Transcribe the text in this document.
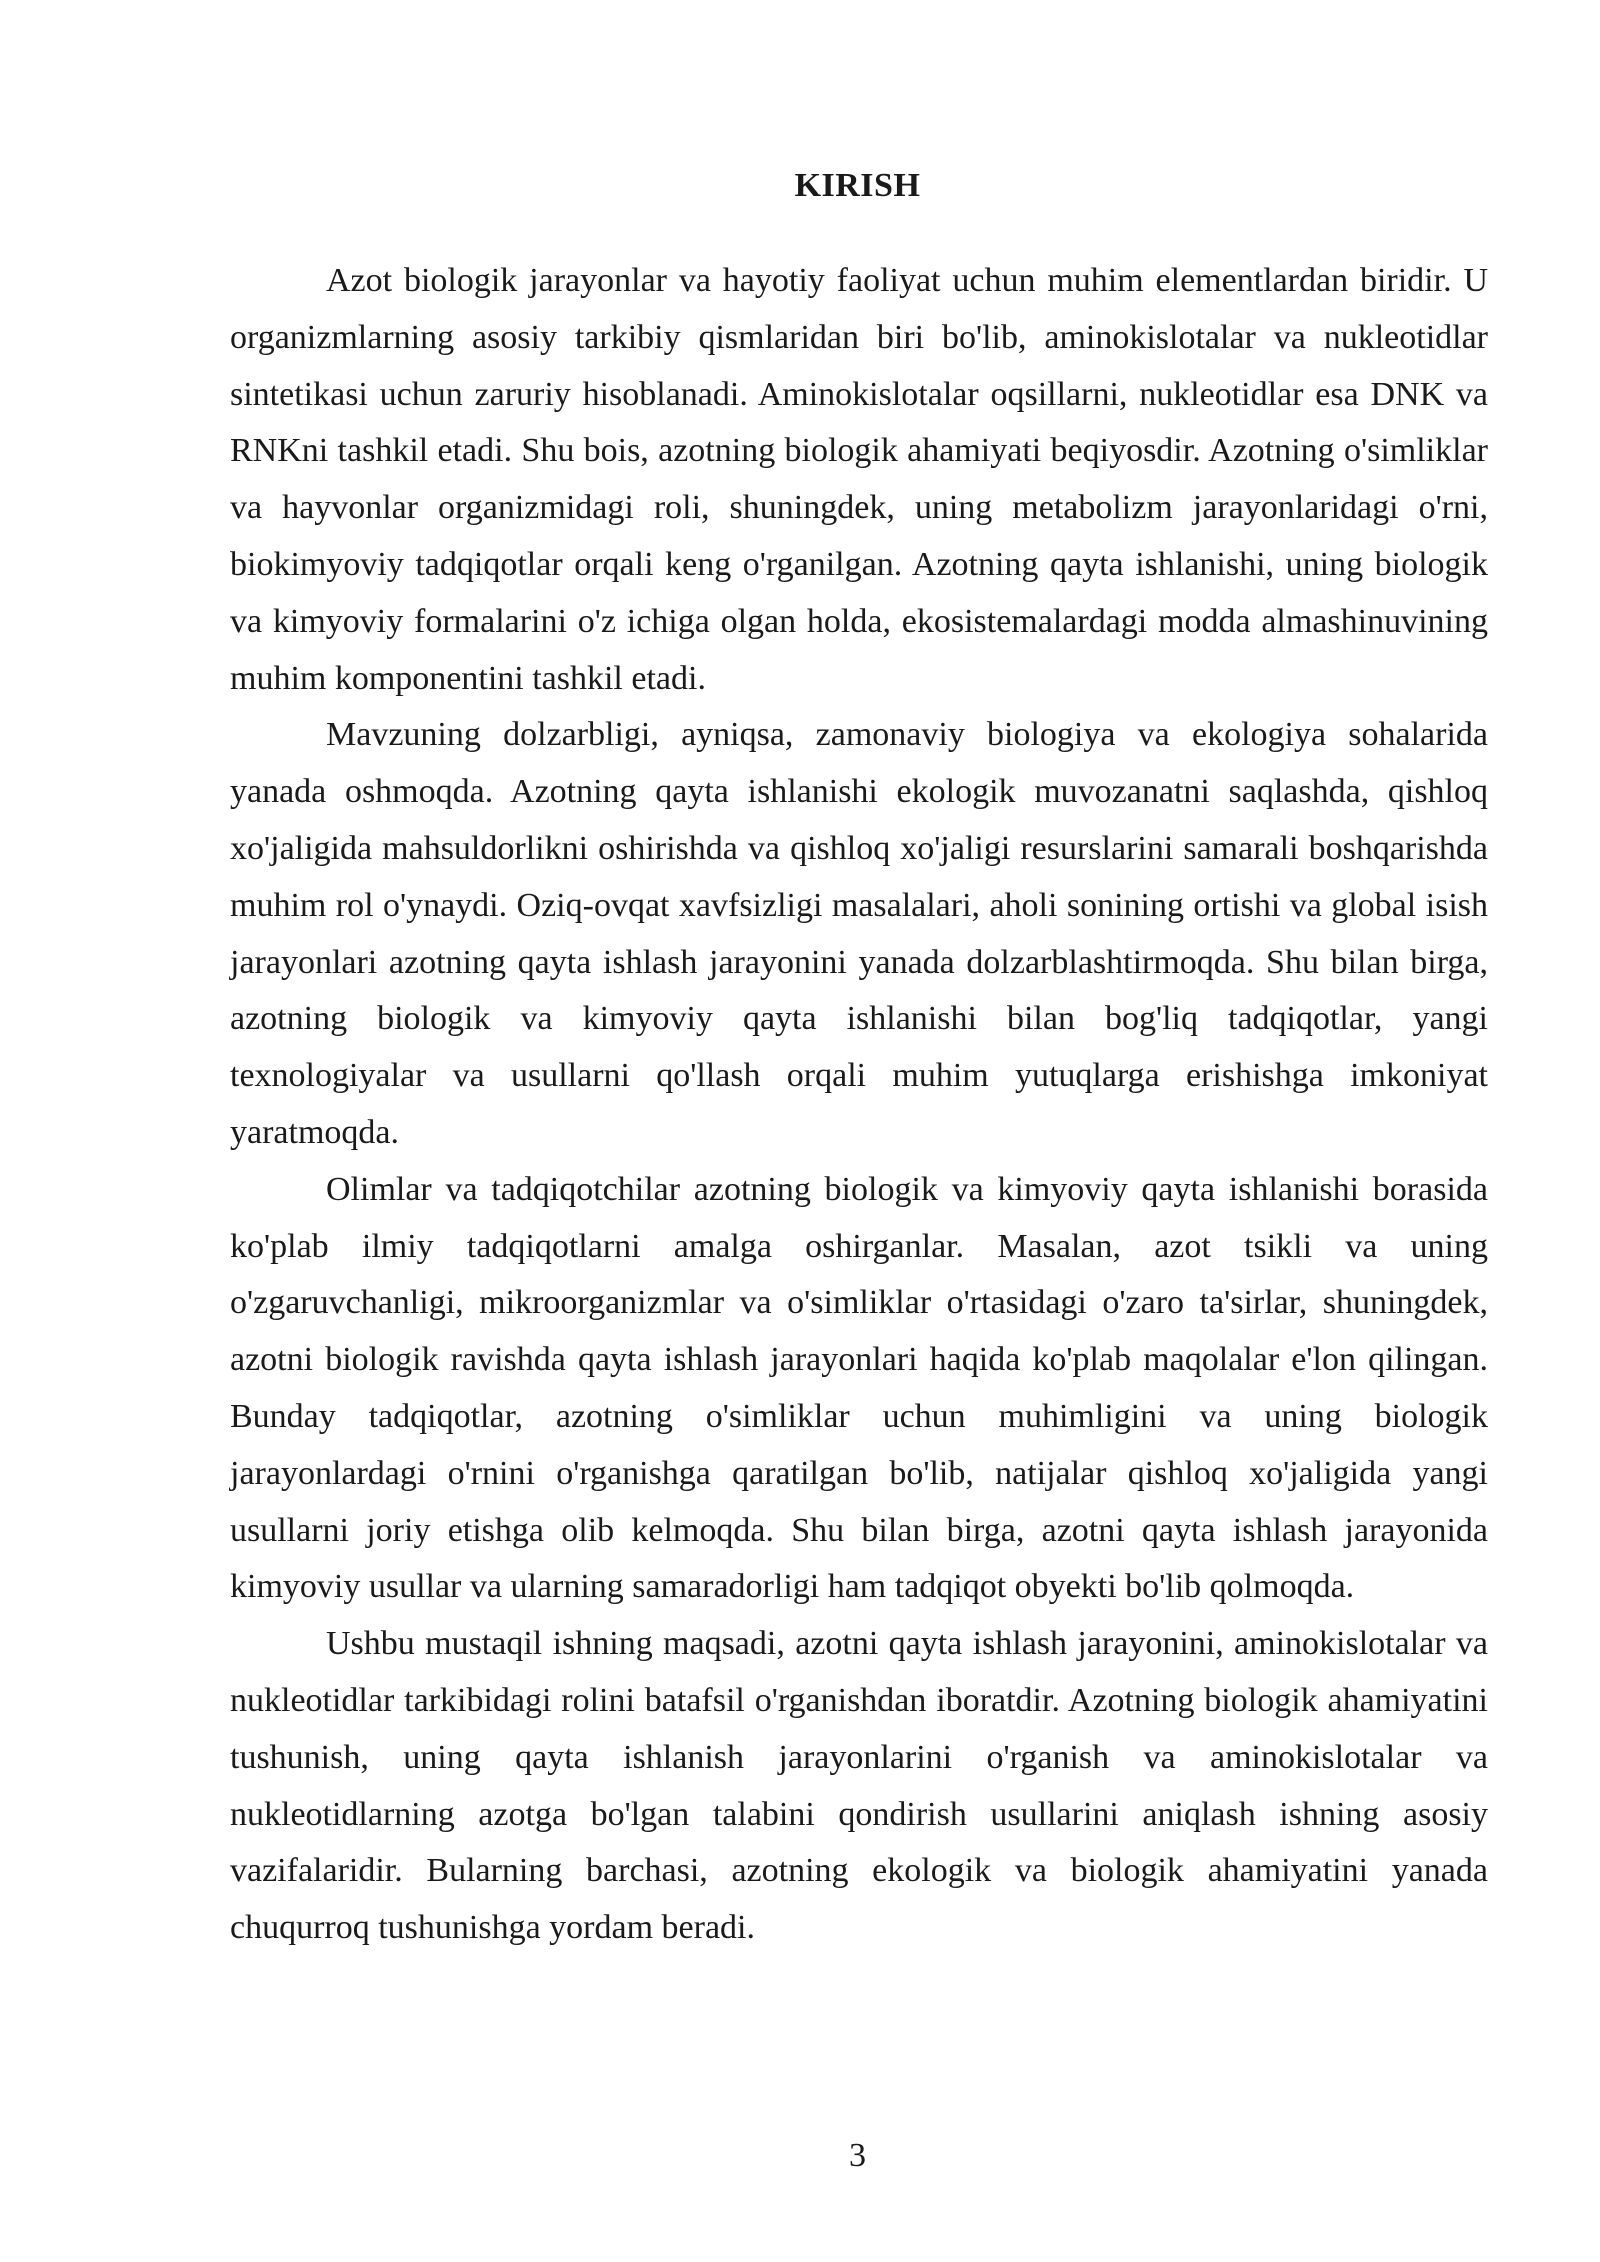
KIRISH

Azot biologik jarayonlar va hayotiy faoliyat uchun muhim elementlardan biridir. U organizmlarning asosiy tarkibiy qismlaridan biri bo'lib, aminokislotalar va nukleotidlar sintetikasi uchun zaruriy hisoblanadi. Aminokislotalar oqsillarni, nukleotidlar esa DNK va RNKni tashkil etadi. Shu bois, azotning biologik ahamiyati beqiyosdir. Azotning o'simliklar va hayvonlar organizmidagi roli, shuningdek, uning metabolizm jarayonlaridagi o'rni, biokimyoviy tadqiqotlar orqali keng o'rganilgan. Azotning qayta ishlanishi, uning biologik va kimyoviy formalarini o'z ichiga olgan holda, ekosistemalardagi modda almashinuvining muhim komponentini tashkil etadi.

Mavzuning dolzarbligi, ayniqsa, zamonaviy biologiya va ekologiya sohalarida yanada oshmoqda. Azotning qayta ishlanishi ekologik muvozanatni saqlashda, qishloq xo'jaligida mahsuldorlikni oshirishda va qishloq xo'jaligi resurslarini samarali boshqarishda muhim rol o'ynaydi. Oziq-ovqat xavfsizligi masalalari, aholi sonining ortishi va global isish jarayonlari azotning qayta ishlash jarayonini yanada dolzarblashtirmoqda. Shu bilan birga, azotning biologik va kimyoviy qayta ishlanishi bilan bog'liq tadqiqotlar, yangi texnologiyalar va usullarni qo'llash orqali muhim yutuqlarga erishishga imkoniyat yaratmoqda.

Olimlar va tadqiqotchilar azotning biologik va kimyoviy qayta ishlanishi borasida ko'plab ilmiy tadqiqotlarni amalga oshirganlar. Masalan, azot tsikli va uning o'zgaruvchanligi, mikroorganizmlar va o'simliklar o'rtasidagi o'zaro ta'sirlar, shuningdek, azotni biologik ravishda qayta ishlash jarayonlari haqida ko'plab maqolalar e'lon qilingan. Bunday tadqiqotlar, azotning o'simliklar uchun muhimligini va uning biologik jarayonlardagi o'rnini o'rganishga qaratilgan bo'lib, natijalar qishloq xo'jaligida yangi usullarni joriy etishga olib kelmoqda. Shu bilan birga, azotni qayta ishlash jarayonida kimyoviy usullar va ularning samaradorligi ham tadqiqot obyekti bo'lib qolmoqda.

Ushbu mustaqil ishning maqsadi, azotni qayta ishlash jarayonini, aminokislotalar va nukleotidlar tarkibidagi rolini batafsil o'rganishdan iboratdir. Azotning biologik ahamiyatini tushunish, uning qayta ishlanish jarayonlarini o'rganish va aminokislotalar va nukleotidlarning azotga bo'lgan talabini qondirish usullarini aniqlash ishning asosiy vazifalaridir. Bularning barchasi, azotning ekologik va biologik ahamiyatini yanada chuqurroq tushunishga yordam beradi.

3
